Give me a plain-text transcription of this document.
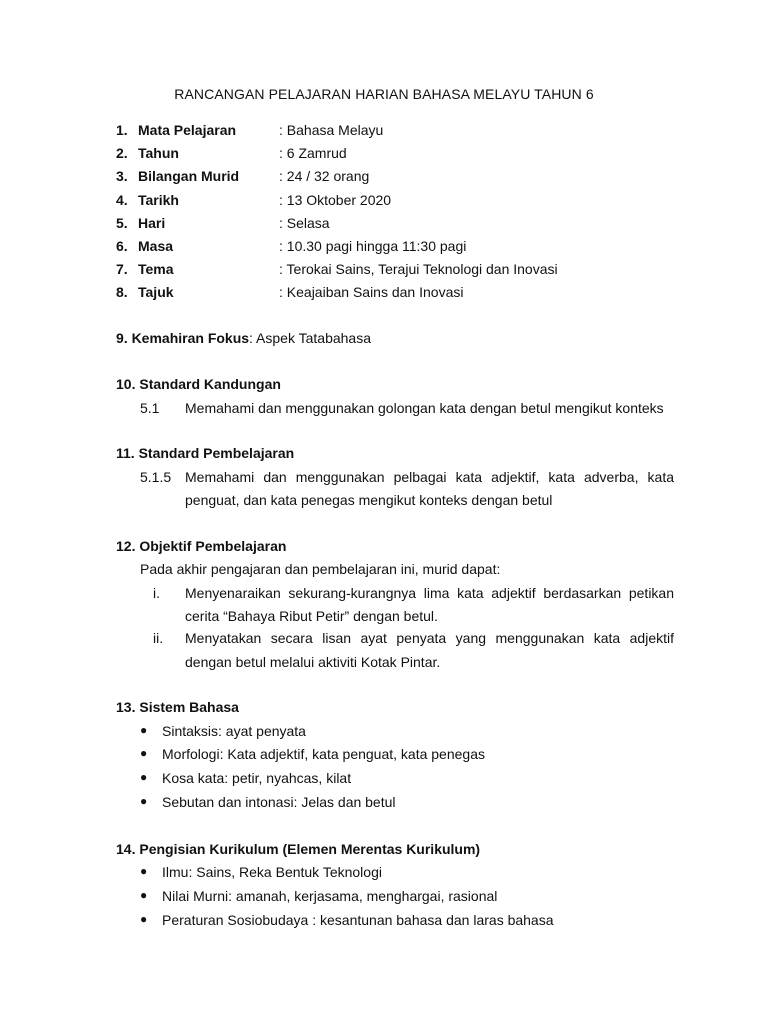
RANCANGAN PELAJARAN HARIAN BAHASA MELAYU TAHUN 6
1. Mata Pelajaran	: Bahasa Melayu
2. Tahun	: 6 Zamrud
3. Bilangan Murid	: 24 / 32 orang
4. Tarikh	: 13 Oktober 2020
5. Hari	: Selasa
6. Masa	: 10.30 pagi hingga 11:30 pagi
7. Tema	: Terokai Sains, Terajui Teknologi dan Inovasi
8. Tajuk	: Keajaiban Sains dan Inovasi
9. Kemahiran Fokus: Aspek Tatabahasa
10. Standard Kandungan
5.1 Memahami dan menggunakan golongan kata dengan betul mengikut konteks
11. Standard Pembelajaran
5.1.5 Memahami dan menggunakan pelbagai kata adjektif, kata adverba, kata
penguat, dan kata penegas mengikut konteks dengan betul
12. Objektif Pembelajaran
Pada akhir pengajaran dan pembelajaran ini, murid dapat:
i.	Menyenaraikan sekurang-kurangnya lima kata adjektif berdasarkan petikan
cerita “Bahaya Ribut Petir” dengan betul.
ii.	Menyatakan secara lisan ayat penyata yang menggunakan kata adjektif
dengan betul melalui aktiviti Kotak Pintar.
13. Sistem Bahasa
● Sintaksis: ayat penyata
● Morfologi: Kata adjektif, kata penguat, kata penegas
● Kosa kata: petir, nyahcas, kilat
● Sebutan dan intonasi: Jelas dan betul
14. Pengisian Kurikulum (Elemen Merentas Kurikulum)
● Ilmu: Sains, Reka Bentuk Teknologi
● Nilai Murni: amanah, kerjasama, menghargai, rasional
● Peraturan Sosiobudaya : kesantunan bahasa dan laras bahasa
